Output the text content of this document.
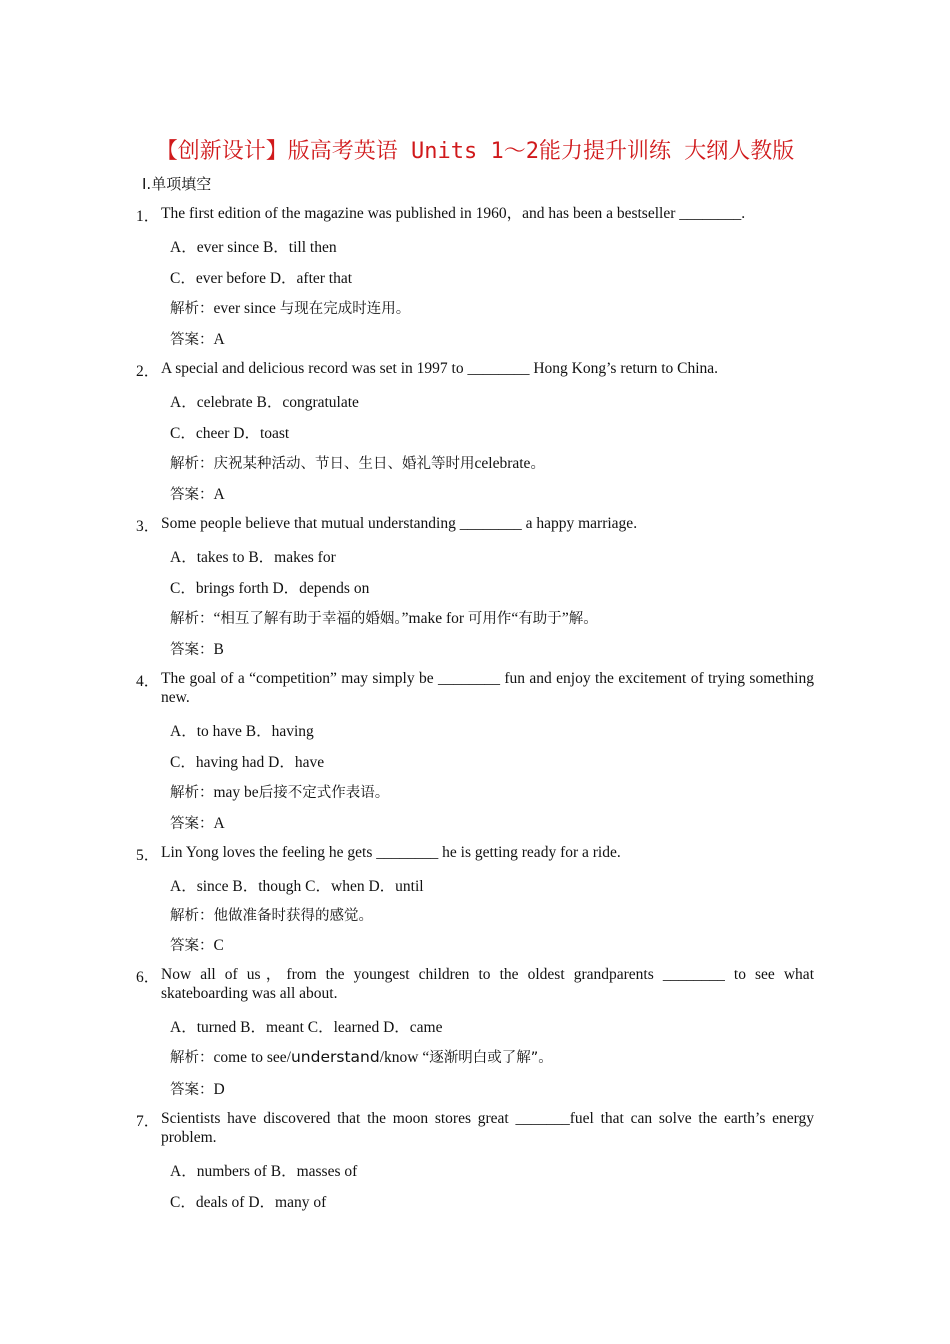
【创新设计】版高考英语 Units 1～2能力提升训练 大纲人教版
Ⅰ.单项填空
1． The first edition of the magazine was published in 1960，and has been a bestseller ________.
A．ever since B．till then
C．ever before D．after that
解析：ever since 与现在完成时连用。
答案：A
2． A special and delicious record was set in 1997 to ________ Hong Kong’s return to China.
A．celebrate B．congratulate
C．cheer D．toast
解析：庆祝某种活动、节日、生日、婚礼等时用celebrate。
答案：A
3． Some people believe that mutual understanding ________ a happy marriage.
A．takes to B．makes for
C．brings forth D．depends on
解析：“相互了解有助于幸福的婚姻。”make for 可用作“有助于”解。
答案：B
4． The goal of a “competition” may simply be ________ fun and enjoy the excitement of trying something new.
A．to have B．having
C．having had D．have
解析：may be后接不定式作表语。
答案：A
5． Lin Yong loves the feeling he gets ________ he is getting ready for a ride.
A．since B．though C．when D．until
解析：他做准备时获得的感觉。
答案：C
6． Now all of us，from the youngest children to the oldest grandparents ________ to see what skateboarding was all about.
A．turned B．meant C．learned D．came
解析：come to see/understand/know “逐渐明白或了解”。
答案：D
7． Scientists have discovered that the moon stores great _______fuel that can solve the earth’s energy problem.
A．numbers of B．masses of
C．deals of D．many of
